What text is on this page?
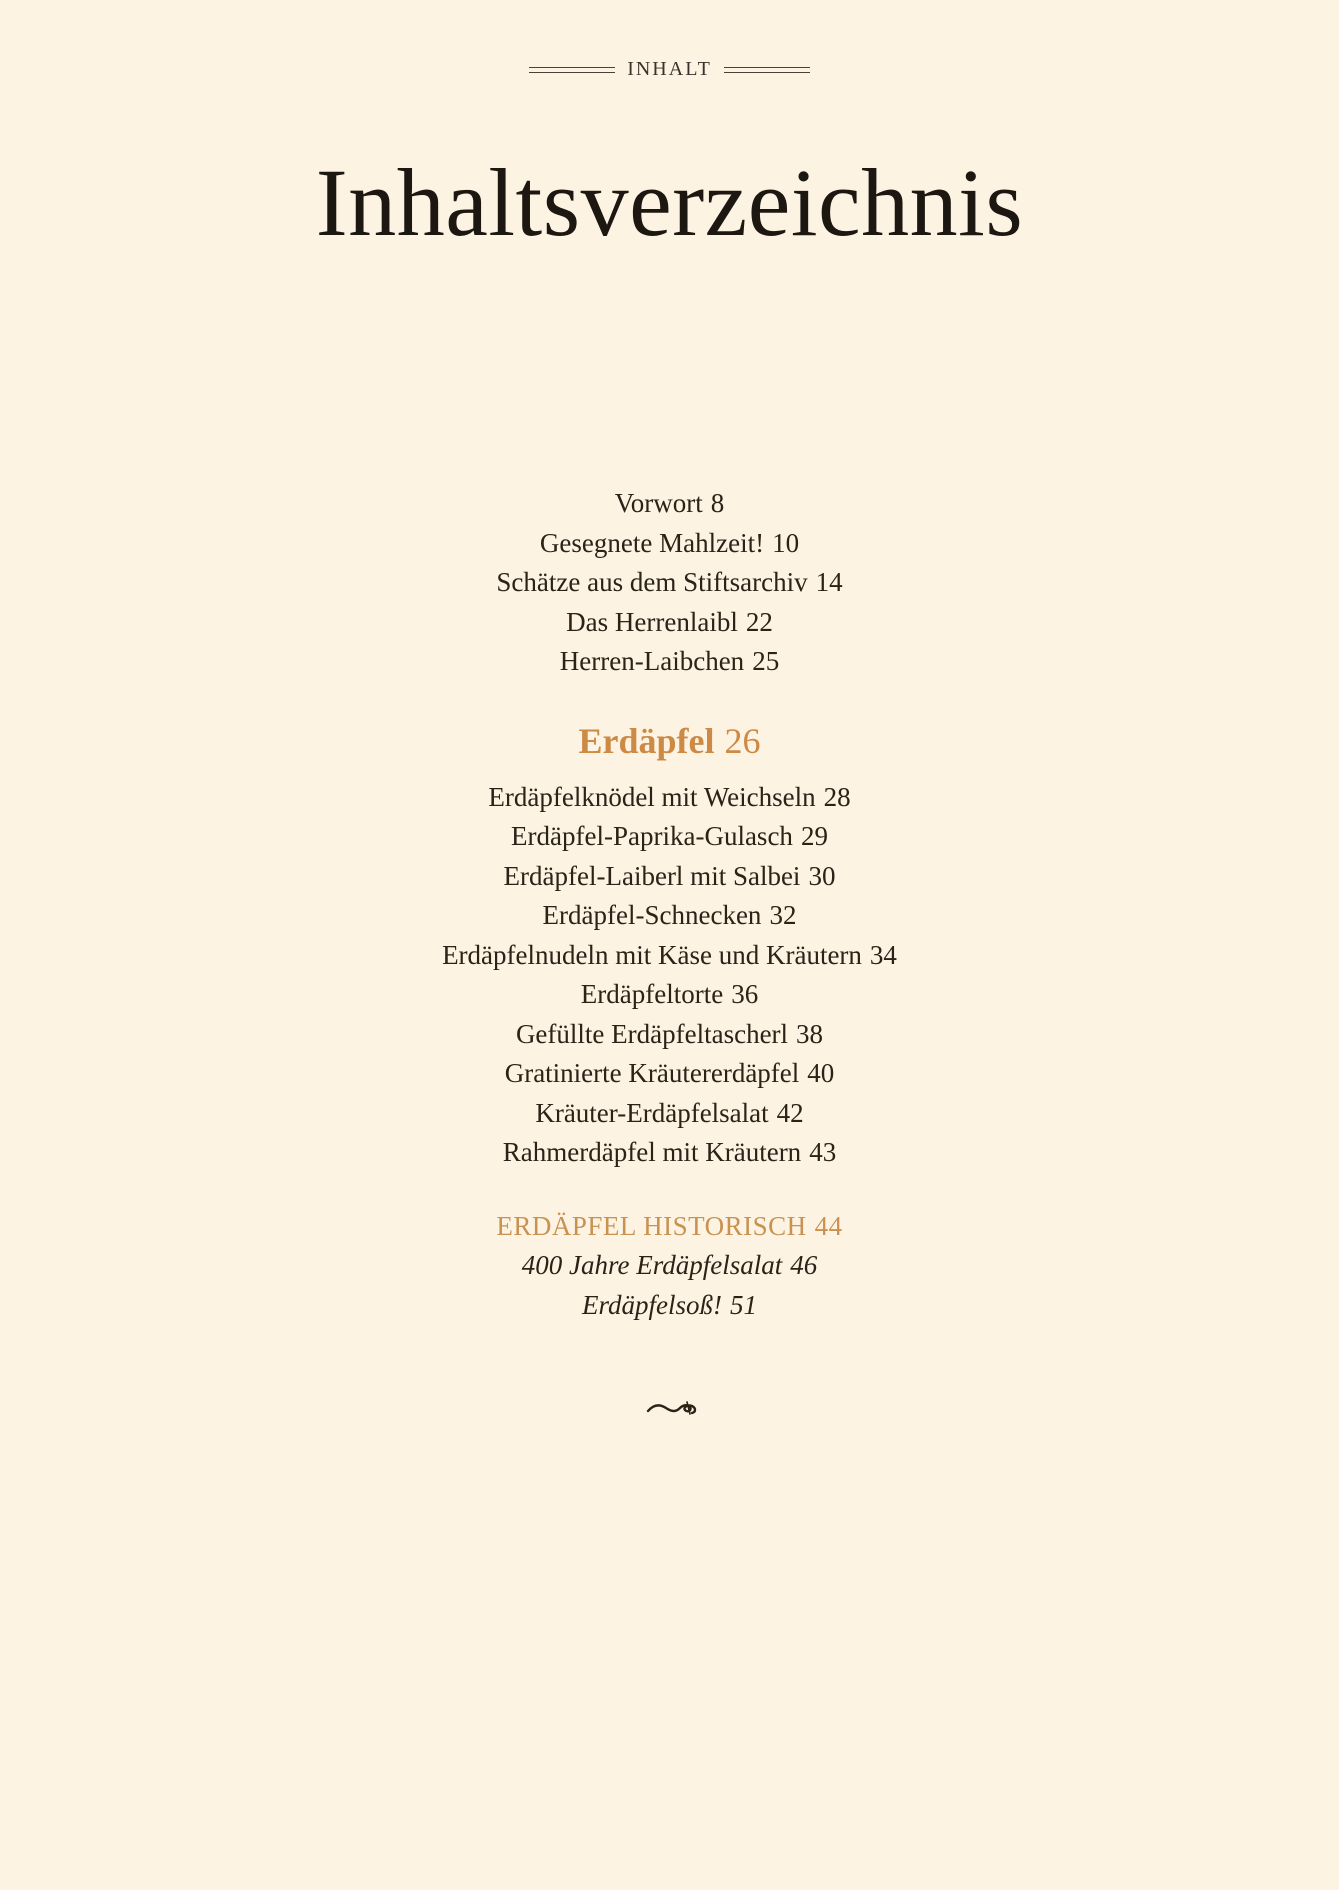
INHALT
Inhaltsverzeichnis
Vorwort 8
Gesegnete Mahlzeit! 10
Schätze aus dem Stiftsarchiv 14
Das Herrenlaibl 22
Herren-Laibchen 25
Erdäpfel 26
Erdäpfelknödel mit Weichseln 28
Erdäpfel-Paprika-Gulasch 29
Erdäpfel-Laiberl mit Salbei 30
Erdäpfel-Schnecken 32
Erdäpfelnudeln mit Käse und Kräutern 34
Erdäpfeltorte 36
Gefüllte Erdäpfeltascherl 38
Gratinierte Kräutererdäpfel 40
Kräuter-Erdäpfelsalat 42
Rahmerdäpfel mit Kräutern 43
ERDÄPFEL HISTORISCH 44
400 Jahre Erdäpfelsalat 46
Erdäpfelsoß! 51
